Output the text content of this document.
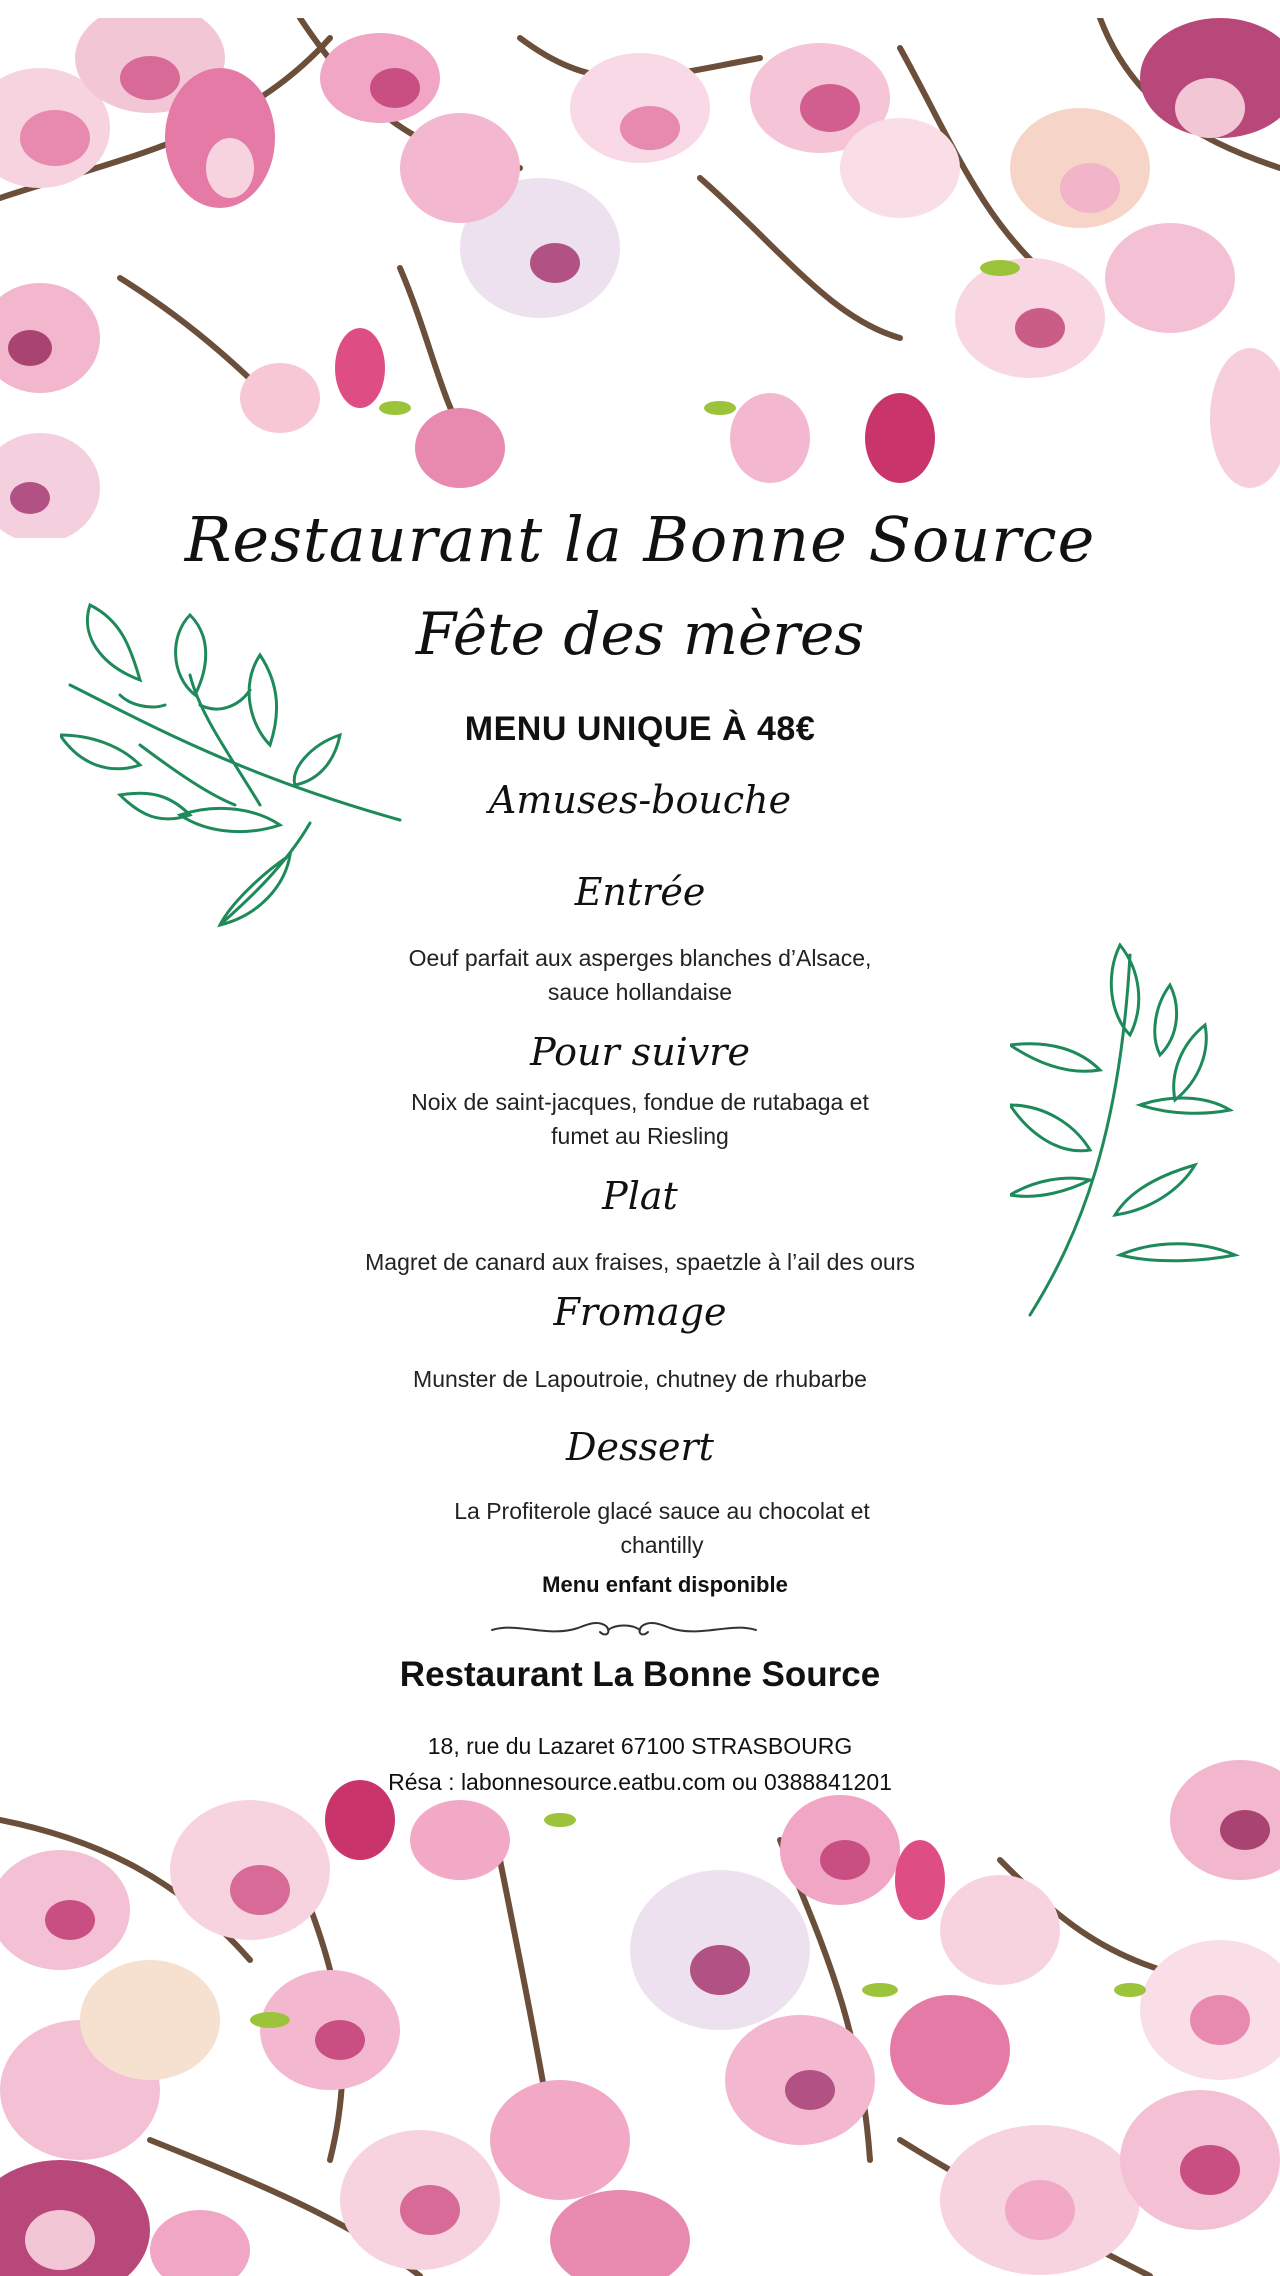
Restaurant la Bonne Source
Fête des mères
MENU UNIQUE À 48€
Amuses-bouche
Entrée
Oeuf parfait aux asperges blanches d’Alsace,
sauce hollandaise
Pour suivre
Noix de saint-jacques, fondue de rutabaga et
fumet au Riesling
Plat
Magret de canard aux fraises, spaetzle à l’ail des ours
Fromage
Munster de Lapoutroie, chutney de rhubarbe
Dessert
La Profiterole glacé sauce au chocolat et
chantilly
Menu enfant disponible
Restaurant La Bonne Source
18, rue du Lazaret 67100 STRASBOURG
Résa : labonnesource.eatbu.com ou 0388841201
